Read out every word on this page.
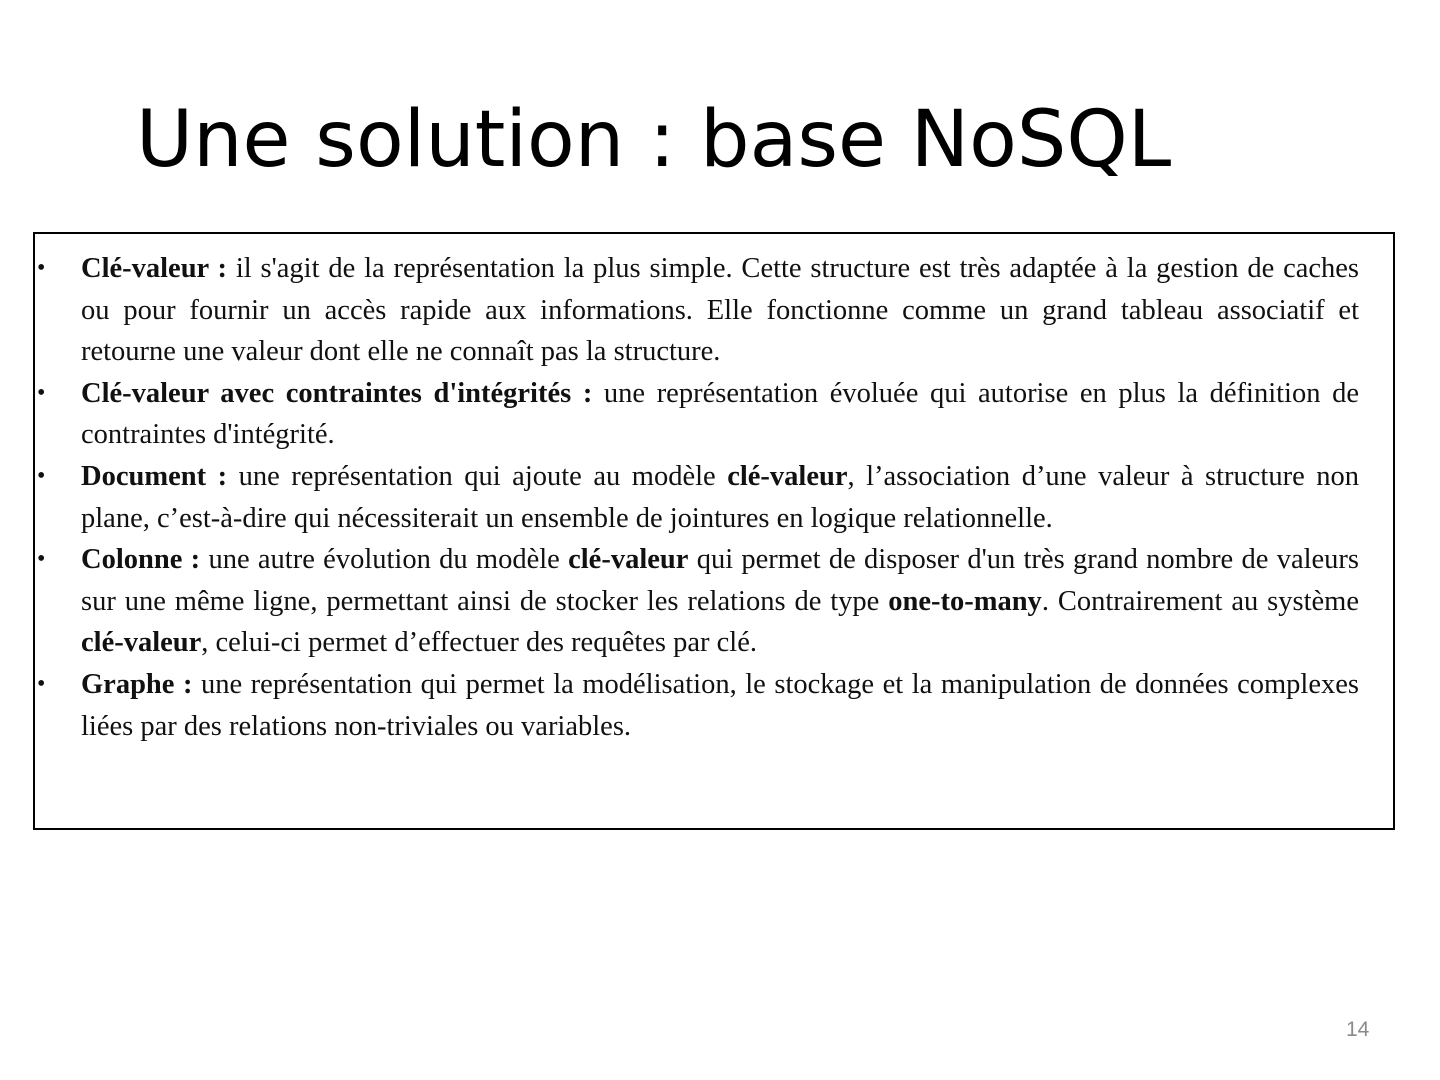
Une solution : base NoSQL
• Clé-valeur : il s'agit de la représentation la plus simple. Cette structure est très adaptée à la gestion de caches ou pour fournir un accès rapide aux informations. Elle fonctionne comme un grand tableau associatif et retourne une valeur dont elle ne connaît pas la structure.
• Clé-valeur avec contraintes d'intégrités : une représentation évoluée qui autorise en plus la définition de contraintes d'intégrité.
• Document : une représentation qui ajoute au modèle clé-valeur, l’association d’une valeur à structure non plane, c’est-à-dire qui nécessiterait un ensemble de jointures en logique relationnelle.
• Colonne : une autre évolution du modèle clé-valeur qui permet de disposer d'un très grand nombre de valeurs sur une même ligne, permettant ainsi de stocker les relations de type one-to-many. Contrairement au système clé-valeur, celui-ci permet d’effectuer des requêtes par clé.
• Graphe : une représentation qui permet la modélisation, le stockage et la manipulation de données complexes liées par des relations non-triviales ou variables.
14
